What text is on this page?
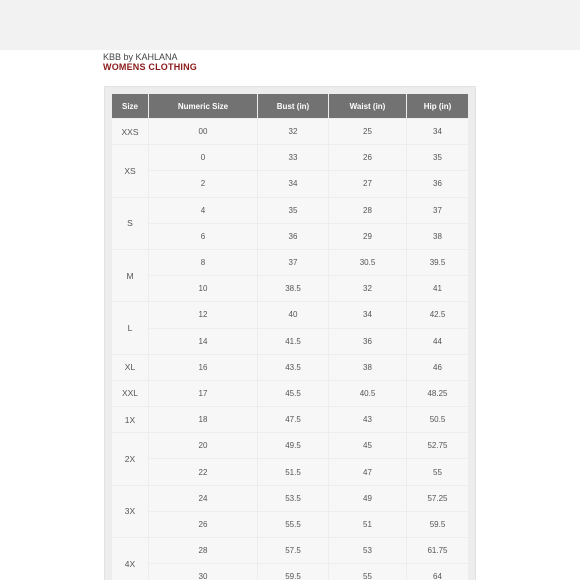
KBB by KAHLANA
WOMENS CLOTHING
Size	Numeric Size	Bust (in)	Waist (in)	Hip (in)
XXS	00	32	25	34
XS	0	33	26	35
	2	34	27	36
S	4	35	28	37
	6	36	29	38
M	8	37	30.5	39.5
	10	38.5	32	41
L	12	40	34	42.5
	14	41.5	36	44
XL	16	43.5	38	46
XXL	17	45.5	40.5	48.25
1X	18	47.5	43	50.5
2X	20	49.5	45	52.75
	22	51.5	47	55
3X	24	53.5	49	57.25
	26	55.5	51	59.5
4X	28	57.5	53	61.75
	30	59.5	55	64
